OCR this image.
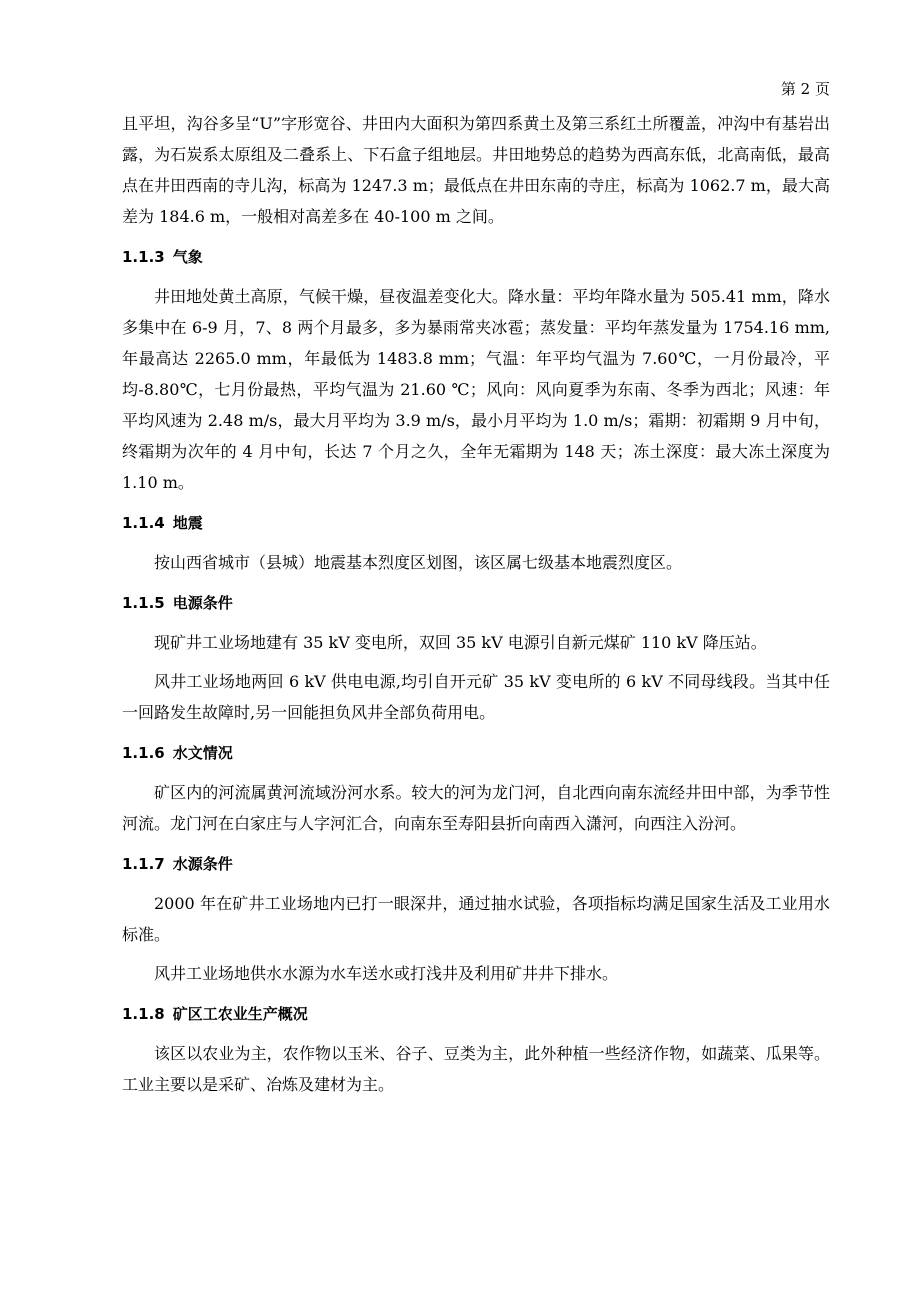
第 2 页

且平坦，沟谷多呈“U”字形宽谷、井田内大面积为第四系黄土及第三系红土所覆盖，冲沟中有基岩出露，为石炭系太原组及二叠系上、下石盒子组地层。井田地势总的趋势为西高东低，北高南低，最高点在井田西南的寺儿沟，标高为 1247.3 m；最低点在井田东南的寺庄，标高为 1062.7 m，最大高差为 184.6 m，一般相对高差多在 40-100 m 之间。

1.1.3 气象

井田地处黄土高原，气候干燥，昼夜温差变化大。降水量：平均年降水量为 505.41 mm，降水多集中在 6-9 月，7、8 两个月最多，多为暴雨常夹冰雹；蒸发量：平均年蒸发量为 1754.16 mm,年最高达 2265.0 mm，年最低为 1483.8 mm；气温：年平均气温为 7.60℃，一月份最冷，平均-8.80℃，七月份最热，平均气温为 21.60 ℃；风向：风向夏季为东南、冬季为西北；风速：年平均风速为 2.48 m/s，最大月平均为 3.9 m/s，最小月平均为 1.0 m/s；霜期：初霜期 9 月中旬，终霜期为次年的 4 月中旬，长达 7 个月之久，全年无霜期为 148 天；冻土深度：最大冻土深度为 1.10 m。

1.1.4 地震

按山西省城市（县城）地震基本烈度区划图，该区属七级基本地震烈度区。

1.1.5 电源条件

现矿井工业场地建有 35 kV 变电所，双回 35 kV 电源引自新元煤矿 110 kV 降压站。

风井工业场地两回 6 kV 供电电源,均引自开元矿 35 kV 变电所的 6 kV 不同母线段。当其中任一回路发生故障时,另一回能担负风井全部负荷用电。

1.1.6 水文情况

矿区内的河流属黄河流域汾河水系。较大的河为龙门河，自北西向南东流经井田中部，为季节性河流。龙门河在白家庄与人字河汇合，向南东至寿阳县折向南西入潇河，向西注入汾河。

1.1.7 水源条件

2000 年在矿井工业场地内已打一眼深井，通过抽水试验，各项指标均满足国家生活及工业用水标准。

风井工业场地供水水源为水车送水或打浅井及利用矿井井下排水。

1.1.8 矿区工农业生产概况

该区以农业为主，农作物以玉米、谷子、豆类为主，此外种植一些经济作物，如蔬菜、瓜果等。工业主要以是采矿、冶炼及建材为主。
